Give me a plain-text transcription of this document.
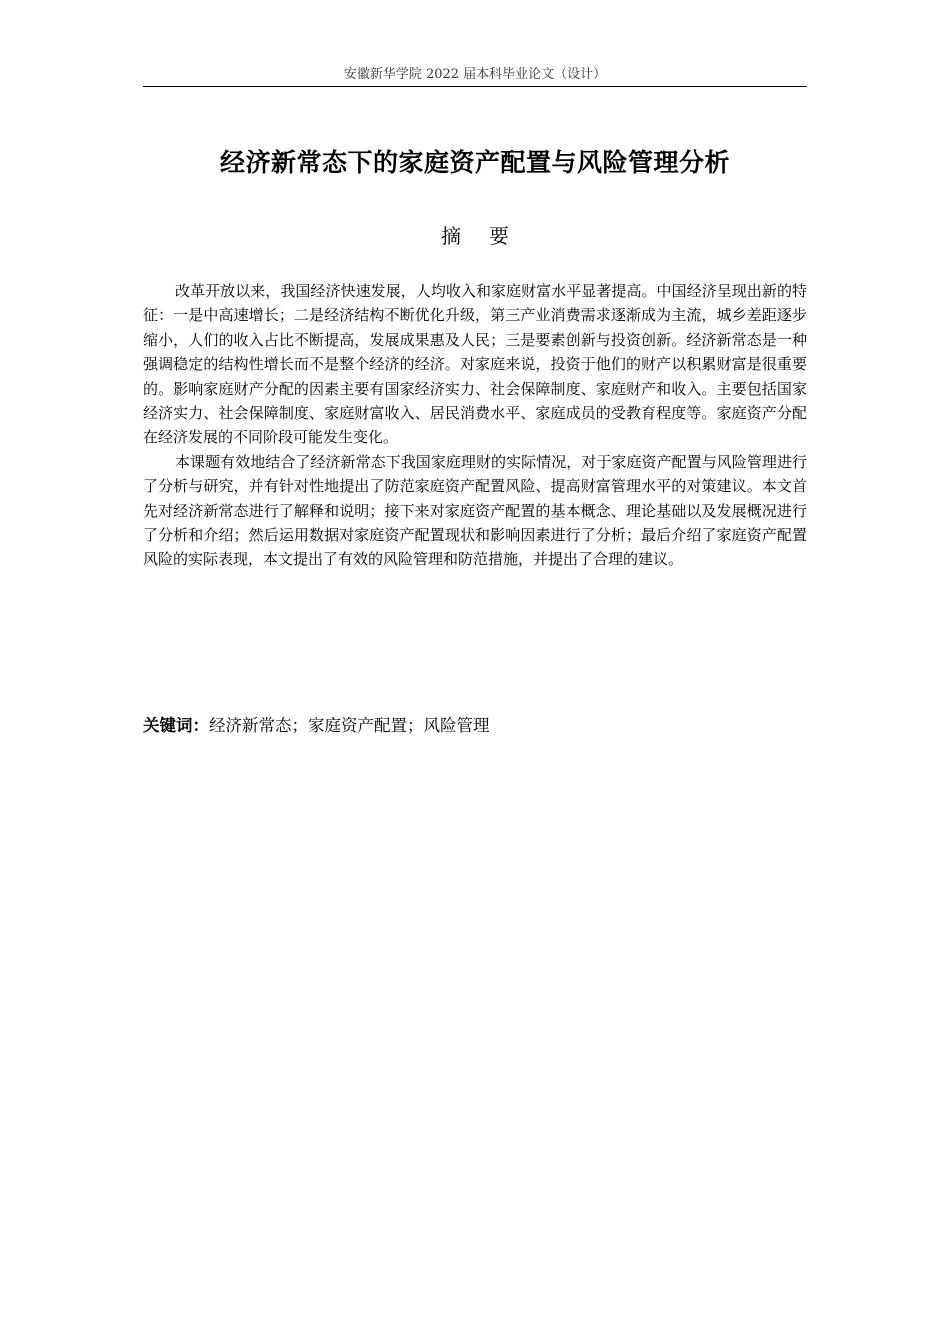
安徽新华学院 2022 届本科毕业论文（设计）
经济新常态下的家庭资产配置与风险管理分析
摘要

改革开放以来，我国经济快速发展，人均收入和家庭财富水平显著提高。中国经济呈现出新的特征：一是中高速增长；二是经济结构不断优化升级，第三产业消费需求逐渐成为主流，城乡差距逐步缩小，人们的收入占比不断提高，发展成果惠及人民；三是要素创新与投资创新。经济新常态是一种强调稳定的结构性增长而不是整个经济的经济。对家庭来说，投资于他们的财产以积累财富是很重要的。影响家庭财产分配的因素主要有国家经济实力、社会保障制度、家庭财产和收入。主要包括国家经济实力、社会保障制度、家庭财富收入、居民消费水平、家庭成员的受教育程度等。家庭资产分配在经济发展的不同阶段可能发生变化。

本课题有效地结合了经济新常态下我国家庭理财的实际情况，对于家庭资产配置与风险管理进行了分析与研究，并有针对性地提出了防范家庭资产配置风险、提高财富管理水平的对策建议。本文首先对经济新常态进行了解释和说明；接下来对家庭资产配置的基本概念、理论基础以及发展概况进行了分析和介绍；然后运用数据对家庭资产配置现状和影响因素进行了分析；最后介绍了家庭资产配置风险的实际表现，本文提出了有效的风险管理和防范措施，并提出了合理的建议。

关键词：经济新常态；家庭资产配置；风险管理
